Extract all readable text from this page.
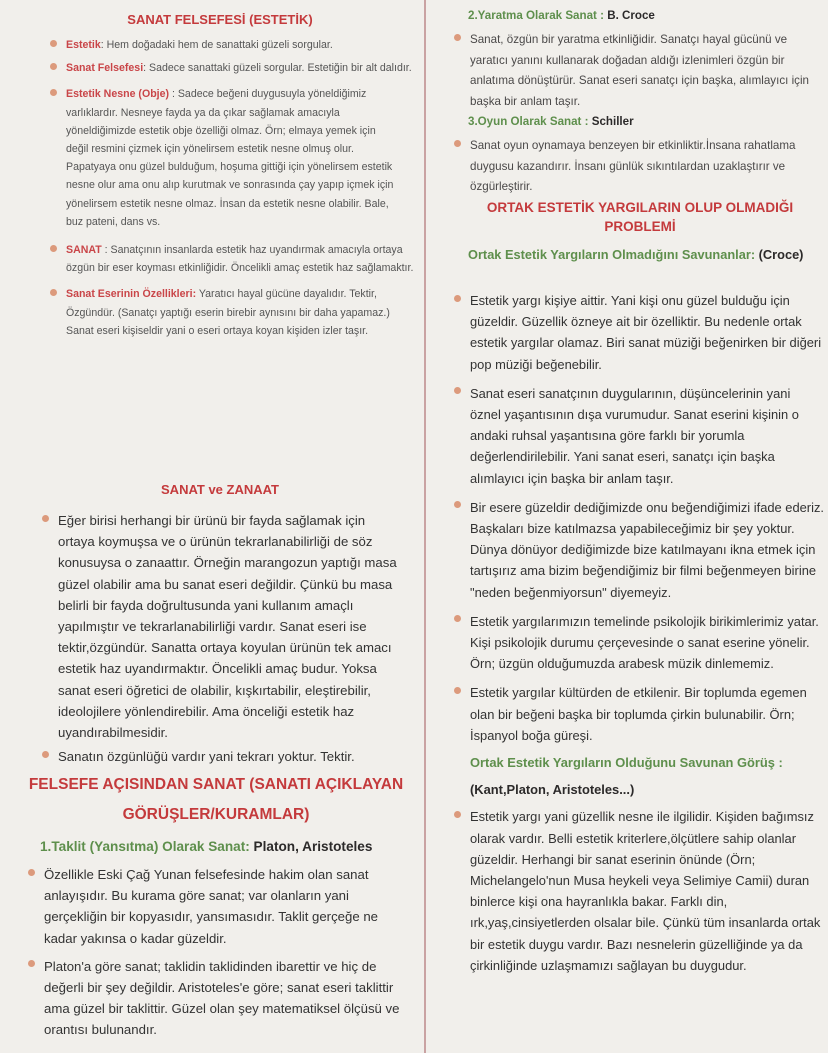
SANAT FELSEFESİ (ESTETİK)
Estetik: Hem doğadaki hem de sanattaki güzeli sorgular.
Sanat Felsefesi: Sadece sanattaki güzeli sorgular. Estetiğin bir alt dalıdır.
Estetik Nesne (Obje) : Sadece beğeni duygusuyla yöneldiğimiz varlıklardır. Nesneye fayda ya da çıkar sağlamak amacıyla yöneldiğimizde estetik obje özelliği olmaz. Örn; elmaya yemek için değil resmini çizmek için yönelirsem estetik nesne olmuş olur. Papatyaya onu güzel bulduğum, hoşuma gittiği için yönelirsem estetik nesne olur ama onu alıp kurutmak ve sonrasında çay yapıp içmek için yönelirsem estetik nesne olmaz. İnsan da estetik nesne olabilir. Bale, buz pateni, dans vs.
SANAT : Sanatçının insanlarda estetik haz uyandırmak amacıyla ortaya özgün bir eser koyması etkinliğidir. Öncelikli amaç estetik haz sağlamaktır.
Sanat Eserinin Özellikleri: Yaratıcı hayal gücüne dayalıdır. Tektir, Özgündür. (Sanatçı yaptığı eserin birebir aynısını bir daha yapamaz.) Sanat eseri kişiseldir yani o eseri ortaya koyan kişiden izler taşır.
SANAT ve ZANAAT
Eğer birisi herhangi bir ürünü bir fayda sağlamak için ortaya koymuşsa ve o ürünün tekrarlanabilirliği de söz konusuysa o zanaattır. Örneğin marangozun yaptığı masa güzel olabilir ama bu sanat eseri değildir. Çünkü bu masa belirli bir fayda doğrultusunda yani kullanım amaçlı yapılmıştır ve tekrarlanabilirliği vardır. Sanat eseri ise tektir,özgündür. Sanatta ortaya koyulan ürünün tek amacı estetik haz uyandırmaktır. Öncelikli amaç budur. Yoksa sanat eseri öğretici de olabilir, kışkırtabilir, eleştirebilir, ideolojilere yönlendirebilir. Ama önceliği estetik haz uyandırabilmesidir.
Sanatın özgünlüğü vardır yani tekrarı yoktur. Tektir.
FELSEFE AÇISINDAN SANAT (SANATI AÇIKLAYAN GÖRÜŞLER/KURAMLAR)
1.Taklit (Yansıtma) Olarak Sanat: Platon, Aristoteles
Özellikle Eski Çağ Yunan felsefesinde hakim olan sanat anlayışıdır. Bu kurama göre sanat; var olanların yani gerçekliğin bir kopyasıdır, yansımasıdır. Taklit gerçeğe ne kadar yakınsa o kadar güzeldir.
Platon'a göre sanat; taklidin taklidinden ibarettir ve hiç de değerli bir şey değildir. Aristoteles'e göre; sanat eseri taklittir ama güzel bir taklittir. Güzel olan şey matematiksel ölçüsü ve orantısı bulunandır.
2.Yaratma Olarak Sanat : B. Croce
Sanat, özgün bir yaratma etkinliğidir. Sanatçı hayal gücünü ve yaratıcı yanını kullanarak doğadan aldığı izlenimleri özgün bir anlatıma dönüştürür. Sanat eseri sanatçı için başka, alımlayıcı için başka bir anlam taşır.
3.Oyun Olarak Sanat : Schiller
Sanat oyun oynamaya benzeyen bir etkinliktir.İnsana rahatlama duygusu kazandırır. İnsanı günlük sıkıntılardan uzaklaştırır ve özgürleştirir.
ORTAK ESTETİK YARGILARIN OLUP OLMADIĞI PROBLEMİ
Ortak Estetik Yargıların Olmadığını Savunanlar: (Croce)
Estetik yargı kişiye aittir. Yani kişi onu güzel bulduğu için güzeldir. Güzellik özneye ait bir özelliktir. Bu nedenle ortak estetik yargılar olamaz. Biri sanat müziği beğenirken bir diğeri pop müziği beğenebilir.
Sanat eseri sanatçının duygularının, düşüncelerinin yani öznel yaşantısının dışa vurumudur. Sanat eserini kişinin o andaki ruhsal yaşantısına göre farklı bir yorumla değerlendirilebilir. Yani sanat eseri, sanatçı için başka alımlayıcı için başka bir anlam taşır.
Bir esere güzeldir dediğimizde onu beğendiğimizi ifade ederiz. Başkaları bize katılmazsa yapabileceğimiz bir şey yoktur. Dünya dönüyor dediğimizde bize katılmayanı ikna etmek için tartışırız ama bizim beğendiğimiz bir filmi beğenmeyen birine "neden beğenmiyorsun" diyemeyiz.
Estetik yargılarımızın temelinde psikolojik birikimlerimiz yatar. Kişi psikolojik durumu çerçevesinde o sanat eserine yönelir. Örn; üzgün olduğumuzda arabesk müzik dinlememiz.
Estetik yargılar kültürden de etkilenir. Bir toplumda egemen olan bir beğeni başka bir toplumda çirkin bulunabilir. Örn; İspanyol boğa güreşi.
Ortak Estetik Yargıların Olduğunu Savunan Görüş :
(Kant,Platon, Aristoteles...)
Estetik yargı yani güzellik nesne ile ilgilidir. Kişiden bağımsız olarak vardır. Belli estetik kriterlere,ölçütlere sahip olanlar güzeldir. Herhangi bir sanat eserinin önünde (Örn; Michelangelo'nun Musa heykeli veya Selimiye Camii) duran binlerce kişi ona hayranlıkla bakar. Farklı din, ırk,yaş,cinsiyetlerden olsalar bile. Çünkü tüm insanlarda ortak bir estetik duygu vardır. Bazı nesnelerin güzelliğinde ya da çirkinliğinde uzlaşmamızı sağlayan bu duygudur.
